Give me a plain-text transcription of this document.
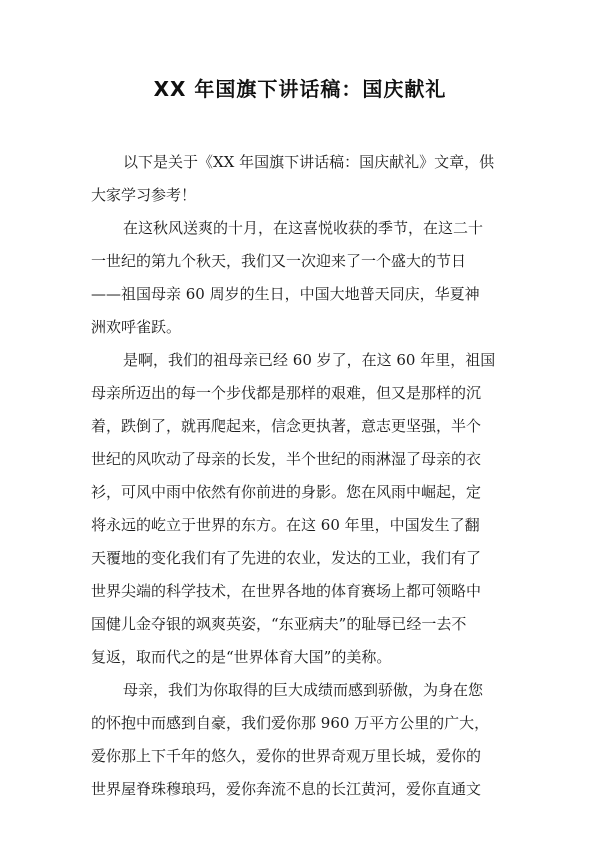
XX 年国旗下讲话稿：国庆献礼
以下是关于《XX 年国旗下讲话稿：国庆献礼》文章，供
大家学习参考！
在这秋风送爽的十月，在这喜悦收获的季节，在这二十
一世纪的第九个秋天，我们又一次迎来了一个盛大的节日
——祖国母亲 60 周岁的生日，中国大地普天同庆，华夏神
洲欢呼雀跃。
是啊，我们的祖母亲已经 60 岁了，在这 60 年里，祖国
母亲所迈出的每一个步伐都是那样的艰难，但又是那样的沉
着，跌倒了，就再爬起来，信念更执著，意志更坚强，半个
世纪的风吹动了母亲的长发，半个世纪的雨淋湿了母亲的衣
衫，可风中雨中依然有你前进的身影。您在风雨中崛起，定
将永远的屹立于世界的东方。在这 60 年里，中国发生了翻
天覆地的变化我们有了先进的农业，发达的工业，我们有了
世界尖端的科学技术，在世界各地的体育赛场上都可领略中
国健儿金夺银的飒爽英姿，“东亚病夫”的耻辱已经一去不
复返，取而代之的是“世界体育大国”的美称。
母亲，我们为你取得的巨大成绩而感到骄傲，为身在您
的怀抱中而感到自豪，我们爱你那 960 万平方公里的广大，
爱你那上下千年的悠久，爱你的世界奇观万里长城，爱你的
世界屋脊珠穆琅玛，爱你奔流不息的长江黄河，爱你直通文
